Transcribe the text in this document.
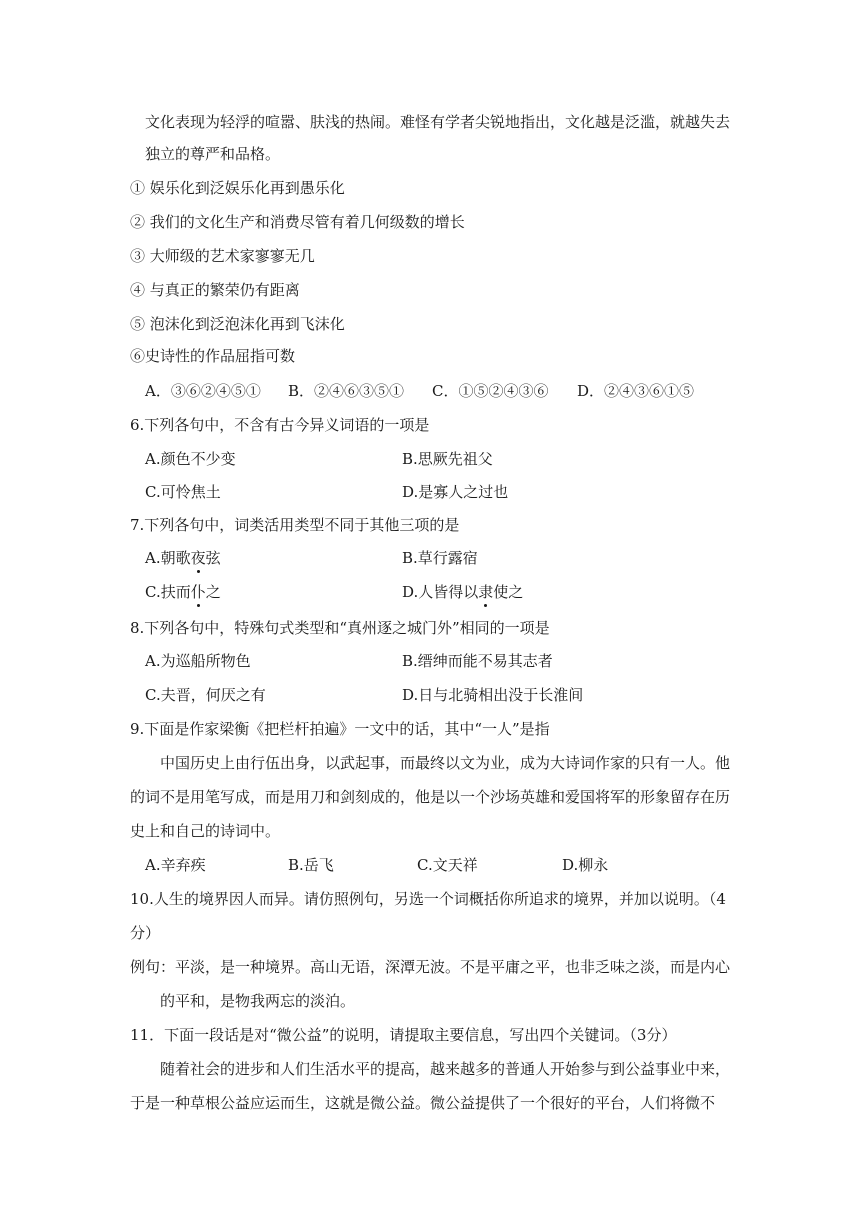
文化表现为轻浮的喧嚣、肤浅的热闹。难怪有学者尖锐地指出，文化越是泛滥，就越失去
独立的尊严和品格。
① 娱乐化到泛娱乐化再到愚乐化
② 我们的文化生产和消费尽管有着几何级数的增长
③ 大师级的艺术家寥寥无几
④ 与真正的繁荣仍有距离
⑤ 泡沫化到泛泡沫化再到飞沫化
⑥史诗性的作品屈指可数
A．③⑥②④⑤① B．②④⑥③⑤① C．①⑤②④③⑥ D．②④③⑥①⑤
6.下列各句中，不含有古今异义词语的一项是
A.颜色不少变	B.思厥先祖父
C.可怜焦土	D.是寡人之过也
7.下列各句中，词类活用类型不同于其他三项的是
A.朝歌夜弦	B.草行露宿
C.扶而仆之	D.人皆得以隶使之
8.下列各句中，特殊句式类型和“真州逐之城门外”相同的一项是
A.为巡船所物色	B.缙绅而能不易其志者
C.夫晋，何厌之有	D.日与北骑相出没于长淮间
9.下面是作家梁衡《把栏杆拍遍》一文中的话，其中“一人”是指
中国历史上由行伍出身，以武起事，而最终以文为业，成为大诗词作家的只有一人。他
的词不是用笔写成，而是用刀和剑刻成的，他是以一个沙场英雄和爱国将军的形象留存在历
史上和自己的诗词中。
A.辛弃疾	B.岳飞	C.文天祥	D.柳永
10.人生的境界因人而异。请仿照例句，另选一个词概括你所追求的境界，并加以说明。（4
分）
例句：平淡，是一种境界。高山无语，深潭无波。不是平庸之平，也非乏味之淡，而是内心
的平和，是物我两忘的淡泊。
11．下面一段话是对“微公益”的说明，请提取主要信息，写出四个关键词。（3分）
随着社会的进步和人们生活水平的提高，越来越多的普通人开始参与到公益事业中来，
于是一种草根公益应运而生，这就是微公益。微公益提供了一个很好的平台，人们将微不
